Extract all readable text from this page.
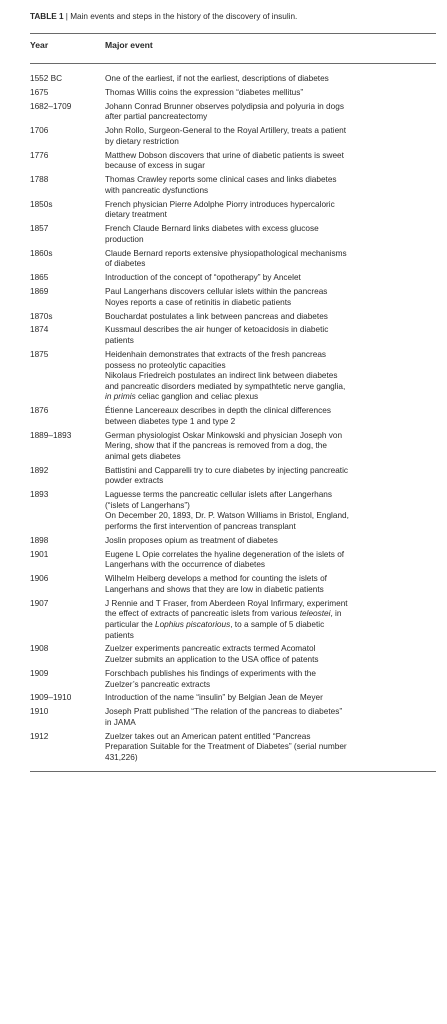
TABLE 1 | Main events and steps in the history of the discovery of insulin.
Year	Major event
1552 BC	One of the earliest, if not the earliest, descriptions of diabetes
1675	Thomas Willis coins the expression “diabetes mellitus”
1682–1709	Johann Conrad Brunner observes polydipsia and polyuria in dogs
after partial pancreatectomy
1706	John Rollo, Surgeon-General to the Royal Artillery, treats a patient
by dietary restriction
1776	Matthew Dobson discovers that urine of diabetic patients is sweet
because of excess in sugar
1788	Thomas Crawley reports some clinical cases and links diabetes
with pancreatic dysfunctions
1850s	French physician Pierre Adolphe Piorry introduces hypercaloric
dietary treatment
1857	French Claude Bernard links diabetes with excess glucose
production
1860s	Claude Bernard reports extensive physiopathological mechanisms
of diabetes
1865	Introduction of the concept of “opotherapy” by Ancelet
1869	Paul Langerhans discovers cellular islets within the pancreas
Noyes reports a case of retinitis in diabetic patients
1870s	Bouchardat postulates a link between pancreas and diabetes
1874	Kussmaul describes the air hunger of ketoacidosis in diabetic
patients
1875	Heidenhain demonstrates that extracts of the fresh pancreas
possess no proteolytic capacities
Nikolaus Friedreich postulates an indirect link between diabetes
and pancreatic disorders mediated by sympathtetic nerve ganglia,
in primis celiac ganglion and celiac plexus
1876	Étienne Lancereaux describes in depth the clinical differences
between diabetes type 1 and type 2
1889–1893	German physiologist Oskar Minkowski and physician Joseph von
Mering, show that if the pancreas is removed from a dog, the
animal gets diabetes
1892	Battistini and Capparelli try to cure diabetes by injecting pancreatic
powder extracts
1893	Laguesse terms the pancreatic cellular islets after Langerhans
(“islets of Langerhans”)
On December 20, 1893, Dr. P. Watson Williams in Bristol, England,
performs the first intervention of pancreas transplant
1898	Joslin proposes opium as treatment of diabetes
1901	Eugene L Opie correlates the hyaline degeneration of the islets of
Langerhans with the occurrence of diabetes
1906	Wilhelm Heiberg develops a method for counting the islets of
Langerhans and shows that they are low in diabetic patients
1907	J Rennie and T Fraser, from Aberdeen Royal Infirmary, experiment
the effect of extracts of pancreatic islets from various teleostei, in
particular the Lophius piscatorious, to a sample of 5 diabetic
patients
1908	Zuelzer experiments pancreatic extracts termed Acomatol
Zuelzer submits an application to the USA office of patents
1909	Forschbach publishes his findings of experiments with the
Zuelzer’s pancreatic extracts
1909–1910	Introduction of the name “insulin” by Belgian Jean de Meyer
1910	Joseph Pratt published “The relation of the pancreas to diabetes”
in JAMA
1912	Zuelzer takes out an American patent entitled “Pancreas
Preparation Suitable for the Treatment of Diabetes” (serial number
431,226)
